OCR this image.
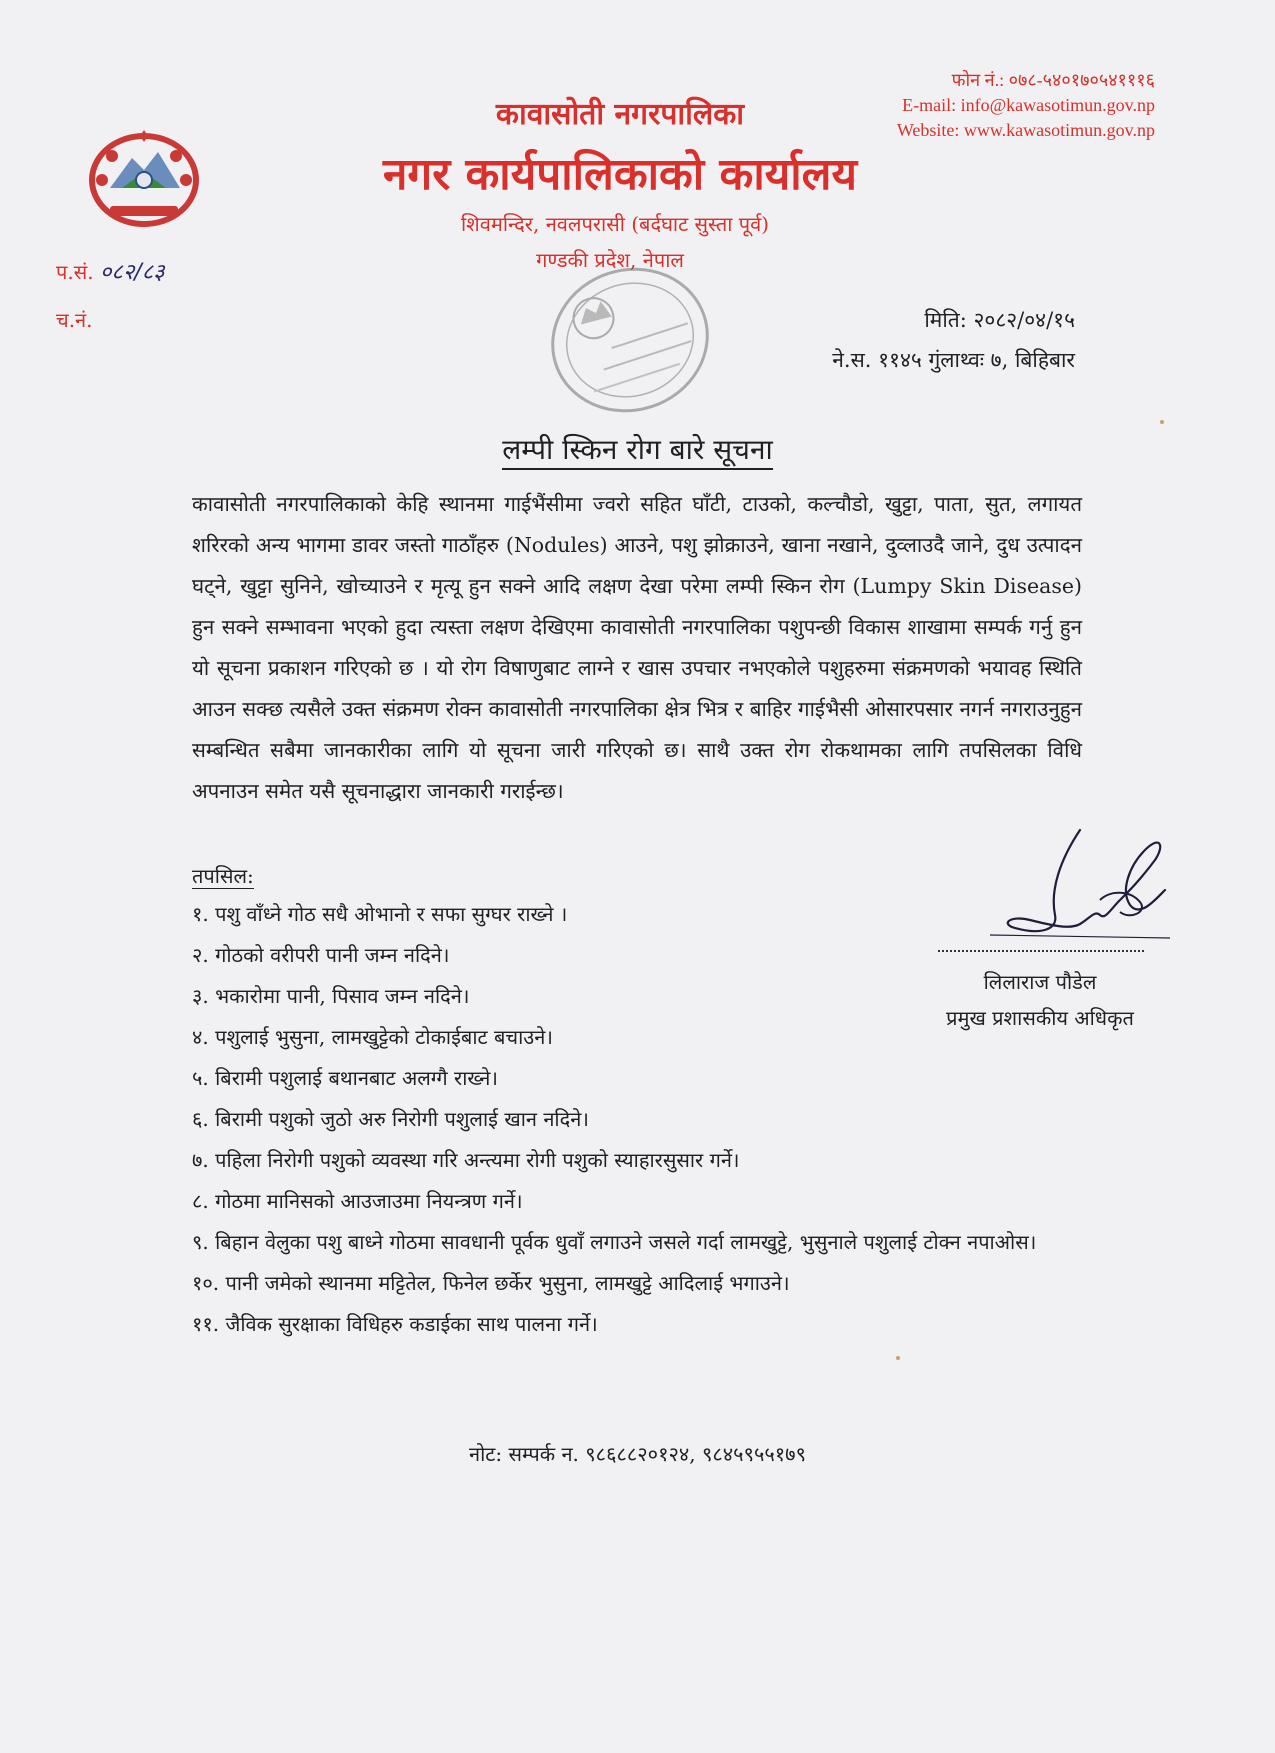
कावासोती नगरपालिका
नगर कार्यपालिकाको कार्यालय
शिवमन्दिर, नवलपरासी (बर्दघाट सुस्ता पूर्व)
गण्डकी प्रदेश, नेपाल
फोन नं.: ०७८-५४०१७०५४१११६
E-mail: info@kawasotimun.gov.np
Website: www.kawasotimun.gov.np
प.सं. ०८२/८३
च.नं.	मिति: २०८२/०४/१५
ने.स. ११४५ गुंलाथ्वः ७, बिहिबार
लम्पी स्किन रोग बारे सूचना
कावासोती नगरपालिकाको केहि स्थानमा गाईभैंसीमा ज्वरो सहित घाँटी, टाउको, कल्चौडो, खुट्टा, पाता, सुत, लगायत शरिरको अन्य भागमा डावर जस्तो गाठाँहरु (Nodules) आउने, पशु झोक्राउने, खाना नखाने, दुव्लाउदै जाने, दुध उत्पादन घट्ने, खुट्टा सुनिने, खोच्याउने र मृत्यू हुन सक्ने आदि लक्षण देखा परेमा लम्पी स्किन रोग (Lumpy Skin Disease) हुन सक्ने सम्भावना भएको हुदा त्यस्ता लक्षण देखिएमा कावासोती नगरपालिका पशुपन्छी विकास शाखामा सम्पर्क गर्नु हुन यो सूचना प्रकाशन गरिएको छ । यो रोग विषाणुबाट लाग्ने र खास उपचार नभएकोले पशुहरुमा संक्रमणको भयावह स्थिति आउन सक्छ त्यसैले उक्त संक्रमण रोक्न कावासोती नगरपालिका क्षेत्र भित्र र बाहिर गाईभैसी ओसारपसार नगर्न नगराउनुहुन सम्बन्धित सबैमा जानकारीका लागि यो सूचना जारी गरिएको छ। साथै उक्त रोग रोकथामका लागि तपसिलका विधि अपनाउन समेत यसै सूचनाद्धारा जानकारी गराईन्छ।
तपसिल:
१. पशु वाँध्ने गोठ सधै ओभानो र सफा सुग्घर राख्ने ।
२. गोठको वरीपरी पानी जम्न नदिने।
३. भकारोमा पानी, पिसाव जम्न नदिने।
४. पशुलाई भुसुना, लामखुट्टेको टोकाईबाट बचाउने।
५. बिरामी पशुलाई बथानबाट अलग्गै राख्ने।
६. बिरामी पशुको जुठो अरु निरोगी पशुलाई खान नदिने।
७. पहिला निरोगी पशुको व्यवस्था गरि अन्त्यमा रोगी पशुको स्याहारसुसार गर्ने।
८. गोठमा मानिसको आउजाउमा नियन्त्रण गर्ने।
९. बिहान वेलुका पशु बाध्ने गोठमा सावधानी पूर्वक धुवाँ लगाउने जसले गर्दा लामखुट्टे, भुसुनाले पशुलाई टोक्न नपाओस।
१०. पानी जमेको स्थानमा मट्टितेल, फिनेल छर्केर भुसुना, लामखुट्टे आदिलाई भगाउने।
११. जैविक सुरक्षाका विधिहरु कडाईका साथ पालना गर्ने।
लिलाराज पौडेल
प्रमुख प्रशासकीय अधिकृत
नोट: सम्पर्क न. ९८६८८२०१२४, ९८४५९५५१७९
